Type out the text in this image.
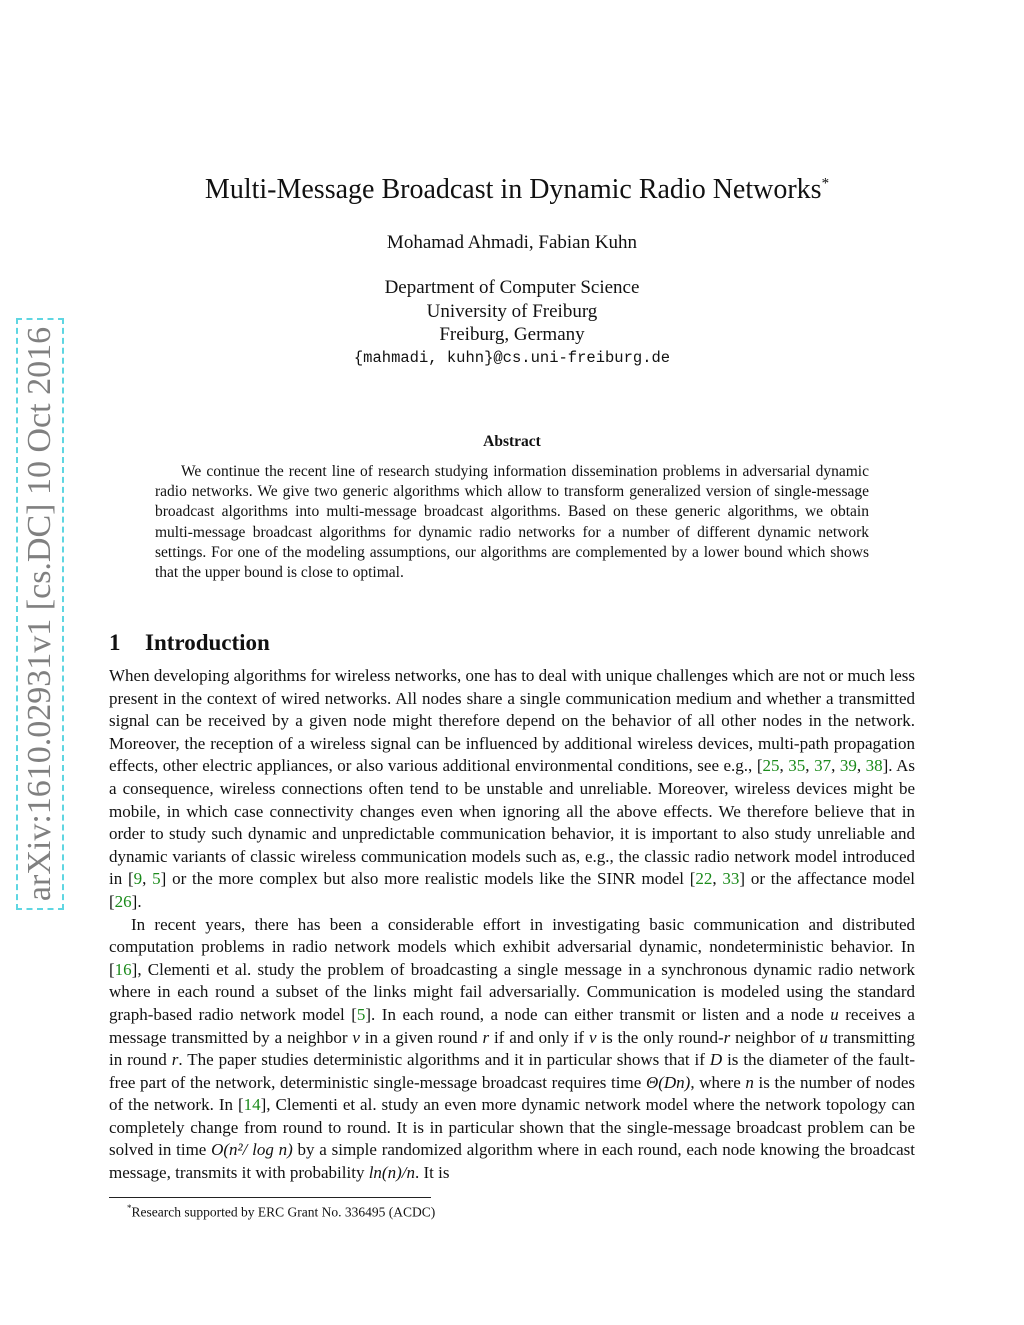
arXiv:1610.02931v1 [cs.DC] 10 Oct 2016
Multi-Message Broadcast in Dynamic Radio Networks*
Mohamad Ahmadi, Fabian Kuhn
Department of Computer Science
University of Freiburg
Freiburg, Germany
{mahmadi, kuhn}@cs.uni-freiburg.de
Abstract

We continue the recent line of research studying information dissemination problems in adversarial dynamic radio networks. We give two generic algorithms which allow to transform generalized version of single-message broadcast algorithms into multi-message broadcast algorithms. Based on these generic algorithms, we obtain multi-message broadcast algorithms for dynamic radio networks for a number of different dynamic network settings. For one of the modeling assumptions, our algorithms are complemented by a lower bound which shows that the upper bound is close to optimal.

1 Introduction

When developing algorithms for wireless networks, one has to deal with unique challenges which are not or much less present in the context of wired networks. All nodes share a single communication medium and whether a transmitted signal can be received by a given node might therefore depend on the behavior of all other nodes in the network. Moreover, the reception of a wireless signal can be influenced by additional wireless devices, multi-path propagation effects, other electric appliances, or also various additional environmental conditions, see e.g., [25, 35, 37, 39, 38]. As a consequence, wireless connections often tend to be unstable and unreliable. Moreover, wireless devices might be mobile, in which case connectivity changes even when ignoring all the above effects. We therefore believe that in order to study such dynamic and unpredictable communication behavior, it is important to also study unreliable and dynamic variants of classic wireless communication models such as, e.g., the classic radio network model introduced in [9, 5] or the more complex but also more realistic models like the SINR model [22, 33] or the affectance model [26].

In recent years, there has been a considerable effort in investigating basic communication and distributed computation problems in radio network models which exhibit adversarial dynamic, nondeterministic behavior. In [16], Clementi et al. study the problem of broadcasting a single message in a synchronous dynamic radio network where in each round a subset of the links might fail adversarially. Communication is modeled using the standard graph-based radio network model [5]. In each round, a node can either transmit or listen and a node u receives a message transmitted by a neighbor v in a given round r if and only if v is the only round-r neighbor of u transmitting in round r. The paper studies deterministic algorithms and it in particular shows that if D is the diameter of the fault-free part of the network, deterministic single-message broadcast requires time Θ(Dn), where n is the number of nodes of the network. In [14], Clementi et al. study an even more dynamic network model where the network topology can completely change from round to round. It is in particular shown that the single-message broadcast problem can be solved in time O(n²/ log n) by a simple randomized algorithm where in each round, each node knowing the broadcast message, transmits it with probability ln(n)/n. It is

*Research supported by ERC Grant No. 336495 (ACDC)
